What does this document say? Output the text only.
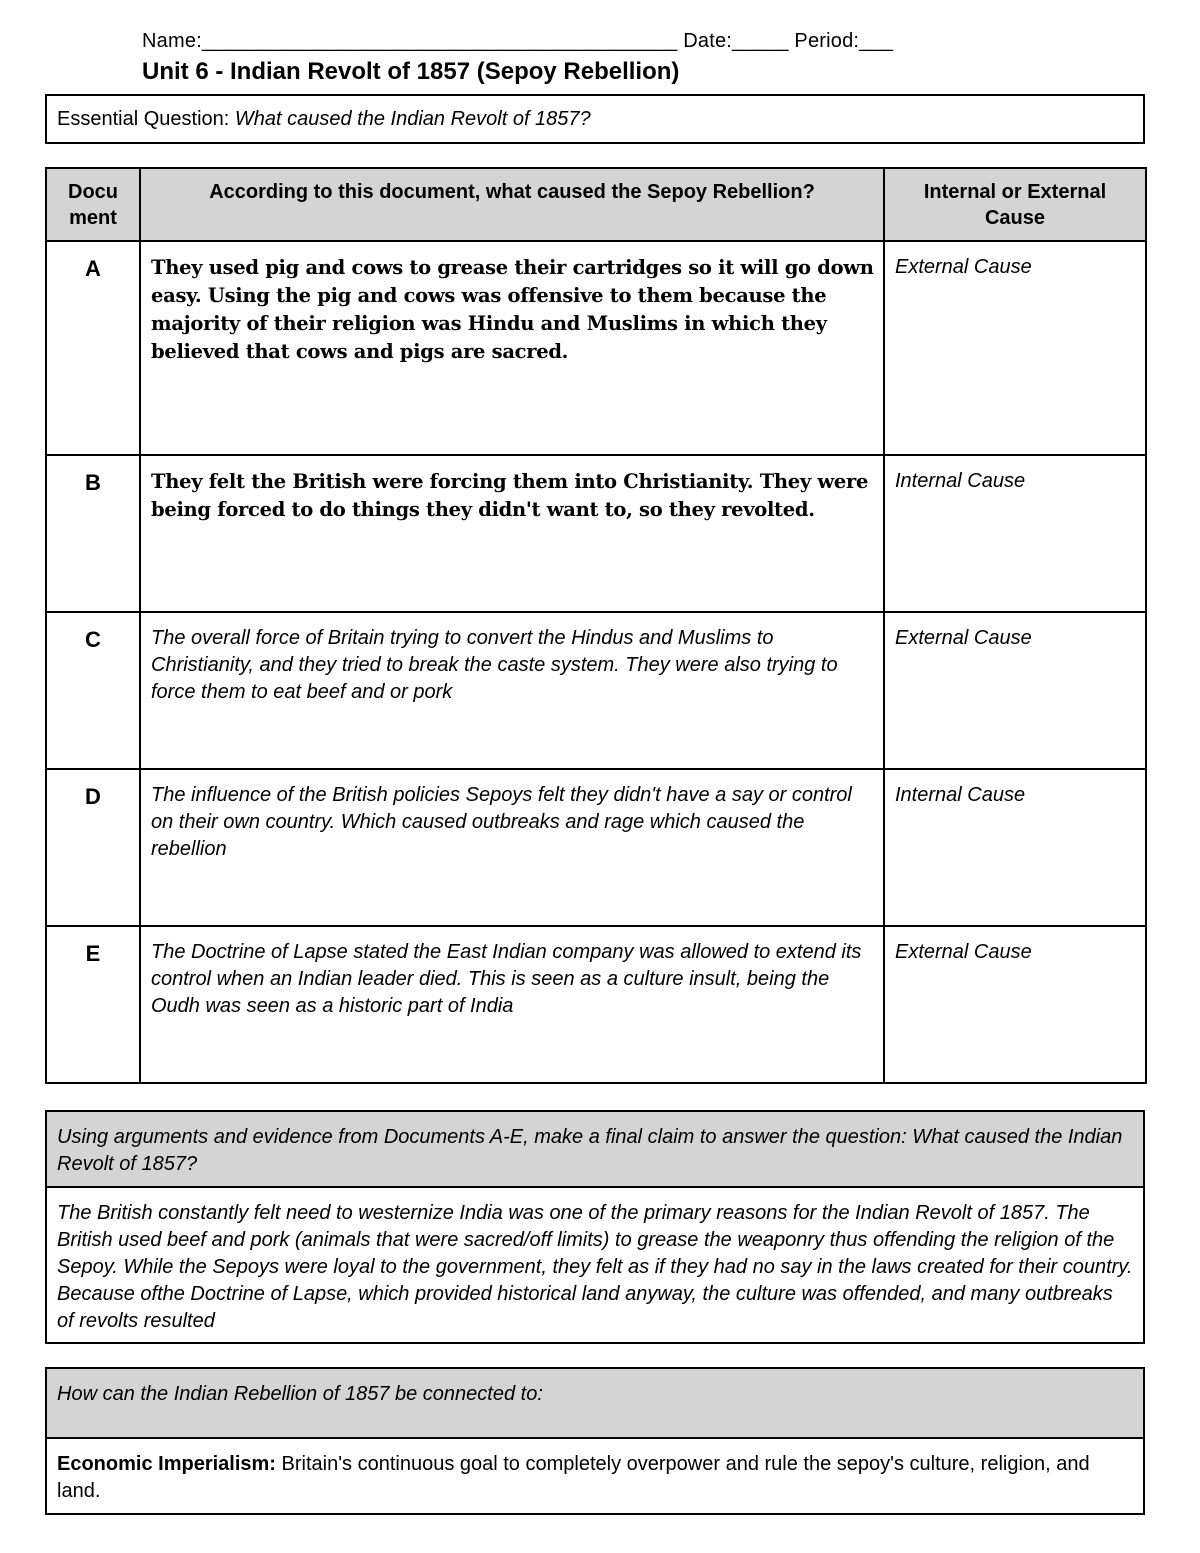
Name:__________________________________________ Date:_____ Period:___
Unit 6 - Indian Revolt of 1857 (Sepoy Rebellion)
Essential Question: What caused the Indian Revolt of 1857?
Docu ment	According to this document, what caused the Sepoy Rebellion?	Internal or External Cause
A	They used pig and cows to grease their cartridges so it will go down easy. Using the pig and cows was offensive to them because the majority of their religion was Hindu and Muslims in which they believed that cows and pigs are sacred.	External Cause
B	They felt the British were forcing them into Christianity. They were being forced to do things they didn't want to, so they revolted.	Internal Cause
C	The overall force of Britain trying to convert the Hindus and Muslims to Christianity, and they tried to break the caste system. They were also trying to force them to eat beef and or pork	External Cause
D	The influence of the British policies Sepoys felt they didn't have a say or control on their own country. Which caused outbreaks and rage which caused the rebellion	Internal Cause
E	The Doctrine of Lapse stated the East Indian company was allowed to extend its control when an Indian leader died. This is seen as a culture insult, being the Oudh was seen as a historic part of India	External Cause
Using arguments and evidence from Documents A-E, make a final claim to answer the question: What caused the Indian Revolt of 1857?
The British constantly felt need to westernize India was one of the primary reasons for the Indian Revolt of 1857. The British used beef and pork (animals that were sacred/off limits) to grease the weaponry thus offending the religion of the Sepoy. While the Sepoys were loyal to the government, they felt as if they had no say in the laws created for their country. Because ofthe Doctrine of Lapse, which provided historical land anyway, the culture was offended, and many outbreaks of revolts resulted
How can the Indian Rebellion of 1857 be connected to:
Economic Imperialism: Britain's continuous goal to completely overpower and rule the sepoy's culture, religion, and land.
